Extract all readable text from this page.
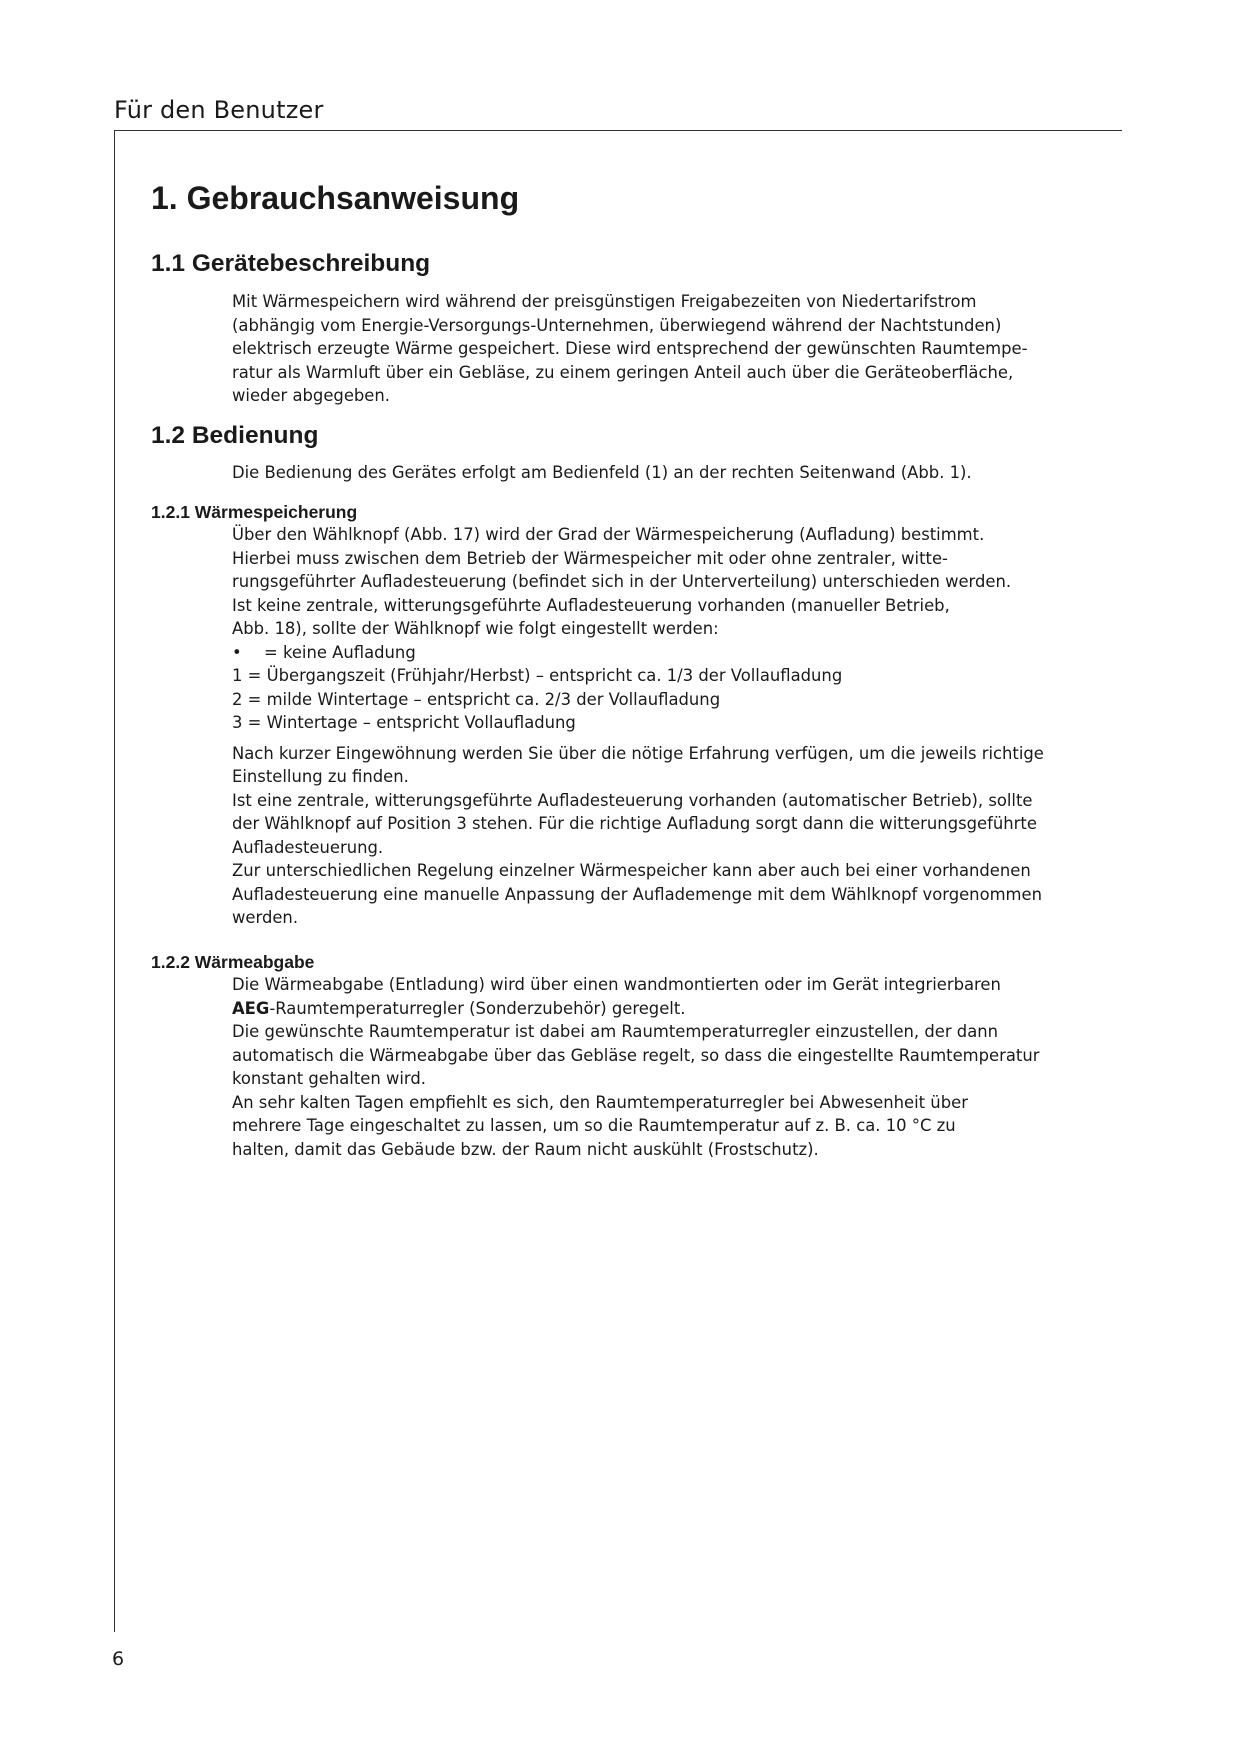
Für den Benutzer
6
1. Gebrauchsanweisung
1.1 Gerätebeschreibung

Mit Wärmespeichern wird während der preisgünstigen Freigabezeiten von Niedertarifstrom

(abhängig vom Energie-Versorgungs-Unternehmen, überwiegend während der Nachtstunden)

elektrisch erzeugte Wärme gespeichert. Diese wird entsprechend der gewünschten Raumtempe-

ratur als Warmluft über ein Gebläse, zu einem geringen Anteil auch über die Geräteoberfläche,

wieder abgegeben.

1.2 Bedienung

Die Bedienung des Gerätes erfolgt am Bedienfeld (1) an der rechten Seitenwand (Abb. 1).

1.2.1 Wärmespeicherung

Über den Wählknopf (Abb. 17) wird der Grad der Wärmespeicherung (Aufladung) bestimmt.

Hierbei muss zwischen dem Betrieb der Wärmespeicher mit oder ohne zentraler, witte-

rungsgeführter Aufladesteuerung (befindet sich in der Unterverteilung) unterschieden werden.

Ist keine zentrale, witterungsgeführte Aufladesteuerung vorhanden (manueller Betrieb,

Abb. 18), sollte der Wählknopf wie folgt eingestellt werden:

• = keine Aufladung

1 = Übergangszeit (Frühjahr/Herbst) – entspricht ca. 1/3 der Vollaufladung

2 = milde Wintertage – entspricht ca. 2/3 der Vollaufladung

3 = Wintertage – entspricht Vollaufladung

Nach kurzer Eingewöhnung werden Sie über die nötige Erfahrung verfügen, um die jeweils richtige

Einstellung zu finden.

Ist eine zentrale, witterungsgeführte Aufladesteuerung vorhanden (automatischer Betrieb), sollte

der Wählknopf auf Position 3 stehen. Für die richtige Aufladung sorgt dann die witterungsgeführte

Aufladesteuerung.

Zur unterschiedlichen Regelung einzelner Wärmespeicher kann aber auch bei einer vorhandenen

Aufladesteuerung eine manuelle Anpassung der Auflademenge mit dem Wählknopf vorgenommen

werden.

1.2.2 Wärmeabgabe

Die Wärmeabgabe (Entladung) wird über einen wandmontierten oder im Gerät integrierbaren

AEG-Raumtemperaturregler (Sonderzubehör) geregelt.

Die gewünschte Raumtemperatur ist dabei am Raumtemperaturregler einzustellen, der dann

automatisch die Wärmeabgabe über das Gebläse regelt, so dass die eingestellte Raumtemperatur

konstant gehalten wird.

An sehr kalten Tagen empfiehlt es sich, den Raumtemperaturregler bei Abwesenheit über

mehrere Tage eingeschaltet zu lassen, um so die Raumtemperatur auf z. B. ca. 10 °C zu

halten, damit das Gebäude bzw. der Raum nicht auskühlt (Frostschutz).
